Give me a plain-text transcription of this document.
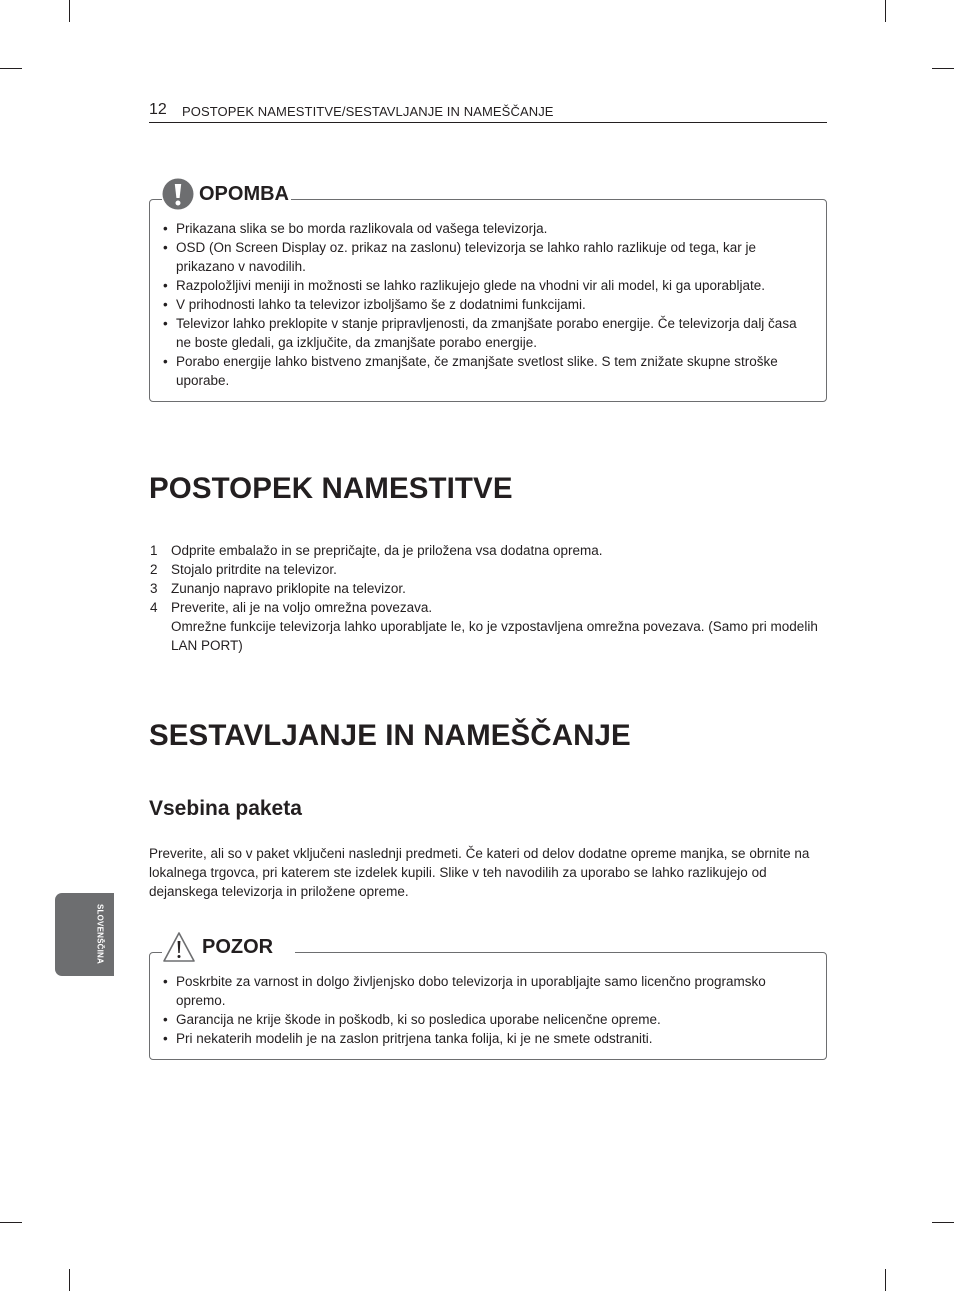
12 POSTOPEK NAMESTITVE/SESTAVLJANJE IN NAMEŠČANJE
OPOMBA
• Prikazana slika se bo morda razlikovala od vašega televizorja.
• OSD (On Screen Display oz. prikaz na zaslonu) televizorja se lahko rahlo razlikuje od tega, kar je prikazano v navodilih.
• Razpoložljivi meniji in možnosti se lahko razlikujejo glede na vhodni vir ali model, ki ga uporabljate.
• V prihodnosti lahko ta televizor izboljšamo še z dodatnimi funkcijami.
• Televizor lahko preklopite v stanje pripravljenosti, da zmanjšate porabo energije. Če televizorja dalj časa ne boste gledali, ga izključite, da zmanjšate porabo energije.
• Porabo energije lahko bistveno zmanjšate, če zmanjšate svetlost slike. S tem znižate skupne stroške uporabe.
POSTOPEK NAMESTITVE
1 Odprite embalažo in se prepričajte, da je priložena vsa dodatna oprema.
2 Stojalo pritrdite na televizor.
3 Zunanjo napravo priklopite na televizor.
4 Preverite, ali je na voljo omrežna povezava.
Omrežne funkcije televizorja lahko uporabljate le, ko je vzpostavljena omrežna povezava. (Samo pri modelih LAN PORT)
SESTAVLJANJE IN NAMEŠČANJE
Vsebina paketa

Preverite, ali so v paket vključeni naslednji predmeti. Če kateri od delov dodatne opreme manjka, se obrnite na lokalnega trgovca, pri katerem ste izdelek kupili. Slike v teh navodilih za uporabo se lahko razlikujejo od dejanskega televizorja in priložene opreme.

POZOR
• Poskrbite za varnost in dolgo življenjsko dobo televizorja in uporabljajte samo licenčno programsko opremo.
• Garancija ne krije škode in poškodb, ki so posledica uporabe nelicenčne opreme.
• Pri nekaterih modelih je na zaslon pritrjena tanka folija, ki je ne smete odstraniti.
SLOVENŠČINA
